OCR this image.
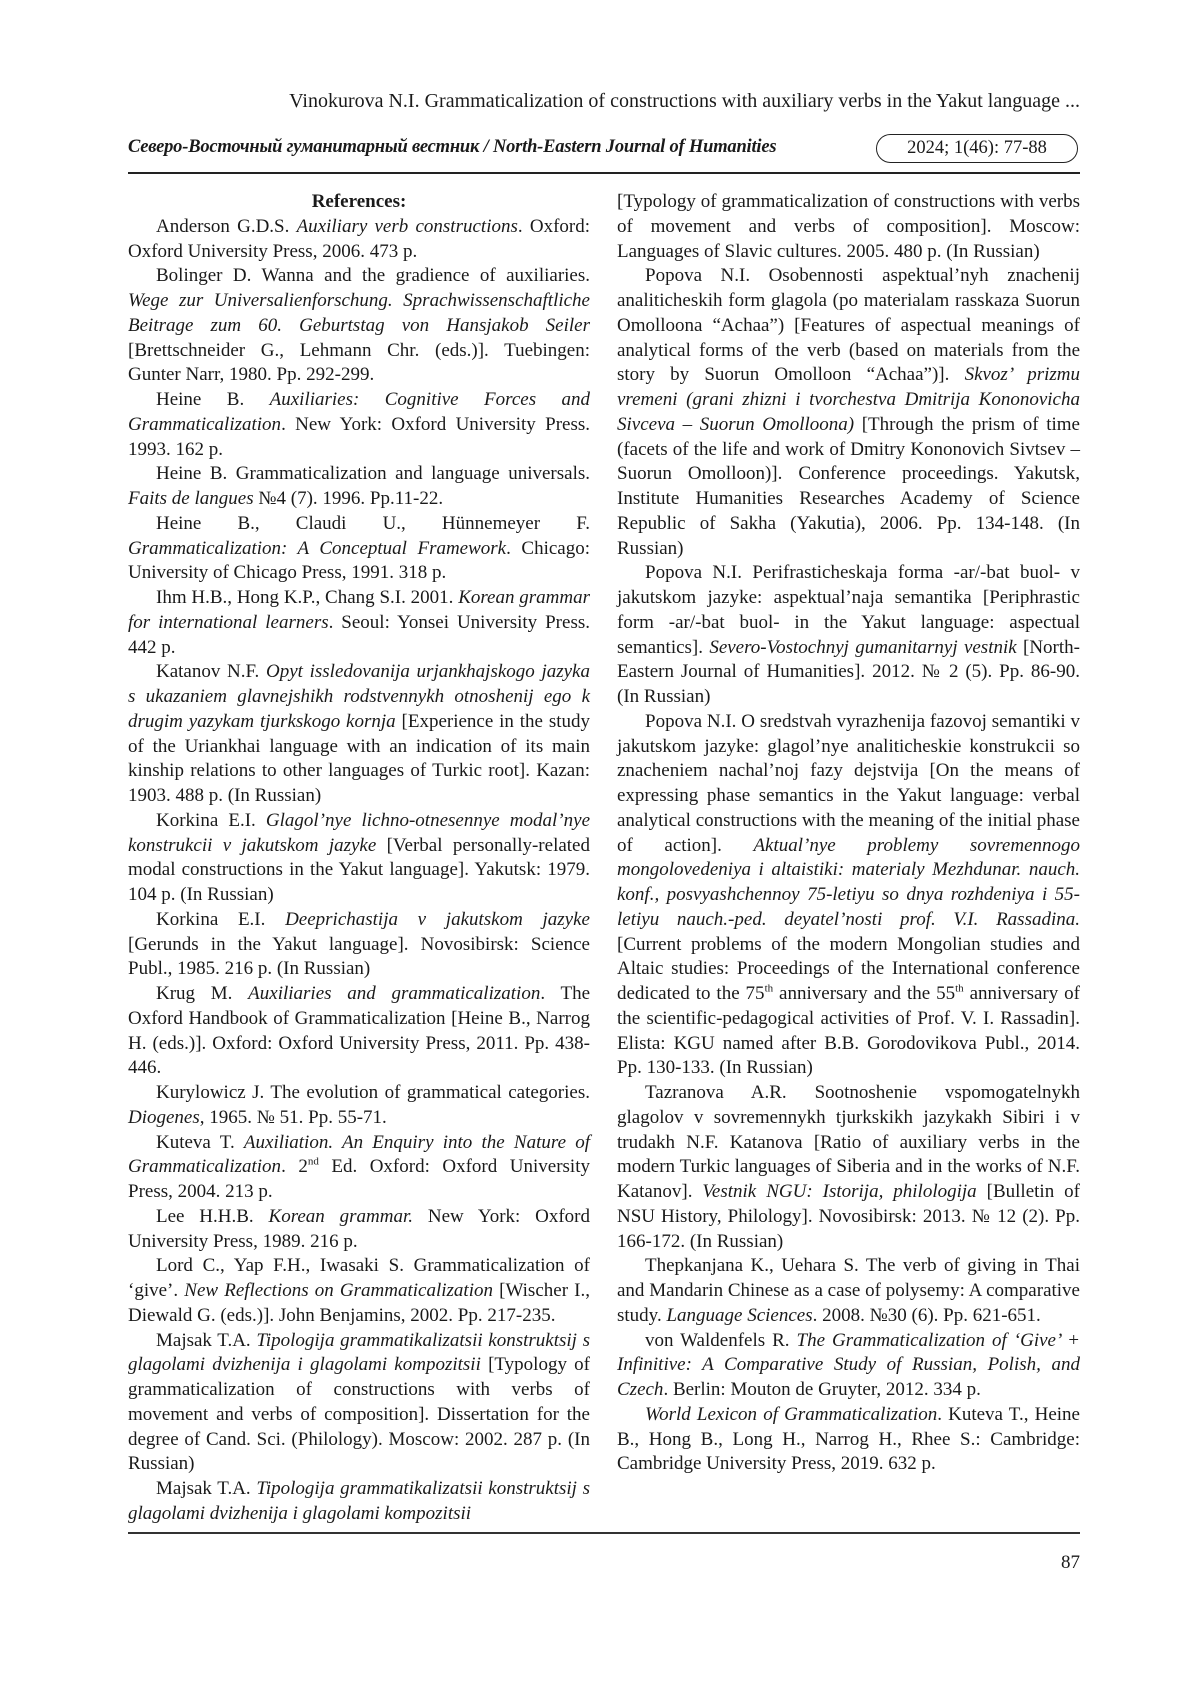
Vinokurova N.I. Grammaticalization of constructions with auxiliary verbs in the Yakut language ...
Северо-Восточный гуманитарный вестник / North-Eastern Journal of Humanities	2024; 1(46): 77-88

References:

Anderson G.D.S. Auxiliary verb constructions. Oxford: Oxford University Press, 2006. 473 p.

Bolinger D. Wanna and the gradience of auxiliaries. Wege zur Universalienforschung. Sprachwissenschaftliche Beitrage zum 60. Geburtstag von Hansjakob Seiler [Brettschneider G., Lehmann Chr. (eds.)]. Tuebingen: Gunter Narr, 1980. Pp. 292-299.

Heine B. Auxiliaries: Cognitive Forces and Grammaticalization. New York: Oxford University Press. 1993. 162 p.

Heine B. Grammaticalization and language universals. Faits de langues №4 (7). 1996. Pp.11-22.

Heine B., Claudi U., Hünnemeyer F. Grammaticalization: A Conceptual Framework. Chicago: University of Chicago Press, 1991. 318 p.

Ihm H.B., Hong K.P., Chang S.I. 2001. Korean grammar for international learners. Seoul: Yonsei University Press. 442 p.

Katanov N.F. Opyt issledovanija urjankhajskogo jazyka s ukazaniem glavnejshikh rodstvennykh otnoshenij ego k drugim yazykam tjurkskogo kornja [Experience in the study of the Uriankhai language with an indication of its main kinship relations to other languages of Turkic root]. Kazan: 1903. 488 p. (In Russian)

Korkina E.I. Glagol’nye lichno-otnesennye modal’nye konstrukcii v jakutskom jazyke [Verbal personally-related modal constructions in the Yakut language]. Yakutsk: 1979. 104 p. (In Russian)

Korkina E.I. Deeprichastija v jakutskom jazyke [Gerunds in the Yakut language]. Novosibirsk: Science Publ., 1985. 216 p. (In Russian)

Krug M. Auxiliaries and grammaticalization. The Oxford Handbook of Grammaticalization [Heine B., Narrog H. (eds.)]. Oxford: Oxford University Press, 2011. Pp. 438-446.

Kurylowicz J. The evolution of grammatical categories. Diogenes, 1965. № 51. Pp. 55-71.

Kuteva T. Auxiliation. An Enquiry into the Nature of Grammaticalization. 2nd Ed. Oxford: Oxford University Press, 2004. 213 p.

Lee H.H.B. Korean grammar. New York: Oxford University Press, 1989. 216 p.

Lord C., Yap F.H., Iwasaki S. Grammaticalization of ‘give’. New Reflections on Grammaticalization [Wischer I., Diewald G. (eds.)]. John Benjamins, 2002. Pp. 217-235.

Majsak T.A. Tipologija grammatikalizatsii konstruktsij s glagolami dvizhenija i glagolami kompozitsii [Typology of grammaticalization of constructions with verbs of movement and verbs of composition]. Dissertation for the degree of Cand. Sci. (Philology). Moscow: 2002. 287 p. (In Russian)

Majsak T.A. Tipologija grammatikalizatsii konstruktsij s glagolami dvizhenija i glagolami kompozitsii

[Typology of grammaticalization of constructions with verbs of movement and verbs of composition]. Moscow: Languages of Slavic cultures. 2005. 480 p. (In Russian)

Popova N.I. Osobennosti aspektual’nyh znachenij analiticheskih form glagola (po materialam rasskaza Suorun Omolloona “Achaa”) [Features of aspectual meanings of analytical forms of the verb (based on materials from the story by Suorun Omolloon “Achaa”)]. Skvoz’ prizmu vremeni (grani zhizni i tvorchestva Dmitrija Kononovicha Sivceva – Suorun Omolloona) [Through the prism of time (facets of the life and work of Dmitry Kononovich Sivtsev – Suorun Omolloon)]. Conference proceedings. Yakutsk, Institute Humanities Researches Academy of Science Republic of Sakha (Yakutia), 2006. Pp. 134-148. (In Russian)

Popova N.I. Perifrasticheskaja forma -ar/-bat buol- v jakutskom jazyke: aspektual’naja semantika [Periphrastic form -ar/-bat buol- in the Yakut language: aspectual semantics]. Severo-Vostochnyj gumanitarnyj vestnik [North-Eastern Journal of Humanities]. 2012. № 2 (5). Pp. 86-90. (In Russian)

Popova N.I. O sredstvah vyrazhenija fazovoj semantiki v jakutskom jazyke: glagol’nye analiticheskie konstrukcii so znacheniem nachal’noj fazy dejstvija [On the means of expressing phase semantics in the Yakut language: verbal analytical constructions with the meaning of the initial phase of action]. Aktual’nye problemy sovremennogo mongolovedeniya i altaistiki: materialy Mezhdunar. nauch. konf., posvyashchennoy 75-letiyu so dnya rozhdeniya i 55-letiyu nauch.-ped. deyatel’nosti prof. V.I. Rassadina. [Current problems of the modern Mongolian studies and Altaic studies: Proceedings of the International conference dedicated to the 75th anniversary and the 55th anniversary of the scientific-pedagogical activities of Prof. V. I. Rassadin]. Elista: KGU named after B.B. Gorodovikova Publ., 2014. Pp. 130-133. (In Russian)

Tazranova A.R. Sootnoshenie vspomogatelnykh glagolov v sovremennykh tjurkskikh jazykakh Sibiri i v trudakh N.F. Katanova [Ratio of auxiliary verbs in the modern Turkic languages of Siberia and in the works of N.F. Katanov]. Vestnik NGU: Istorija, philologija [Bulletin of NSU History, Philology]. Novosibirsk: 2013. № 12 (2). Pp. 166-172. (In Russian)

Thepkanjana K., Uehara S. The verb of giving in Thai and Mandarin Chinese as a case of polysemy: A comparative study. Language Sciences. 2008. №30 (6). Pp. 621-651.

von Waldenfels R. The Grammaticalization of ‘Give’ + Infinitive: A Comparative Study of Russian, Polish, and Czech. Berlin: Mouton de Gruyter, 2012. 334 p.

World Lexicon of Grammaticalization. Kuteva T., Heine B., Hong B., Long H., Narrog H., Rhee S.: Cambridge: Cambridge University Press, 2019. 632 p.

87
